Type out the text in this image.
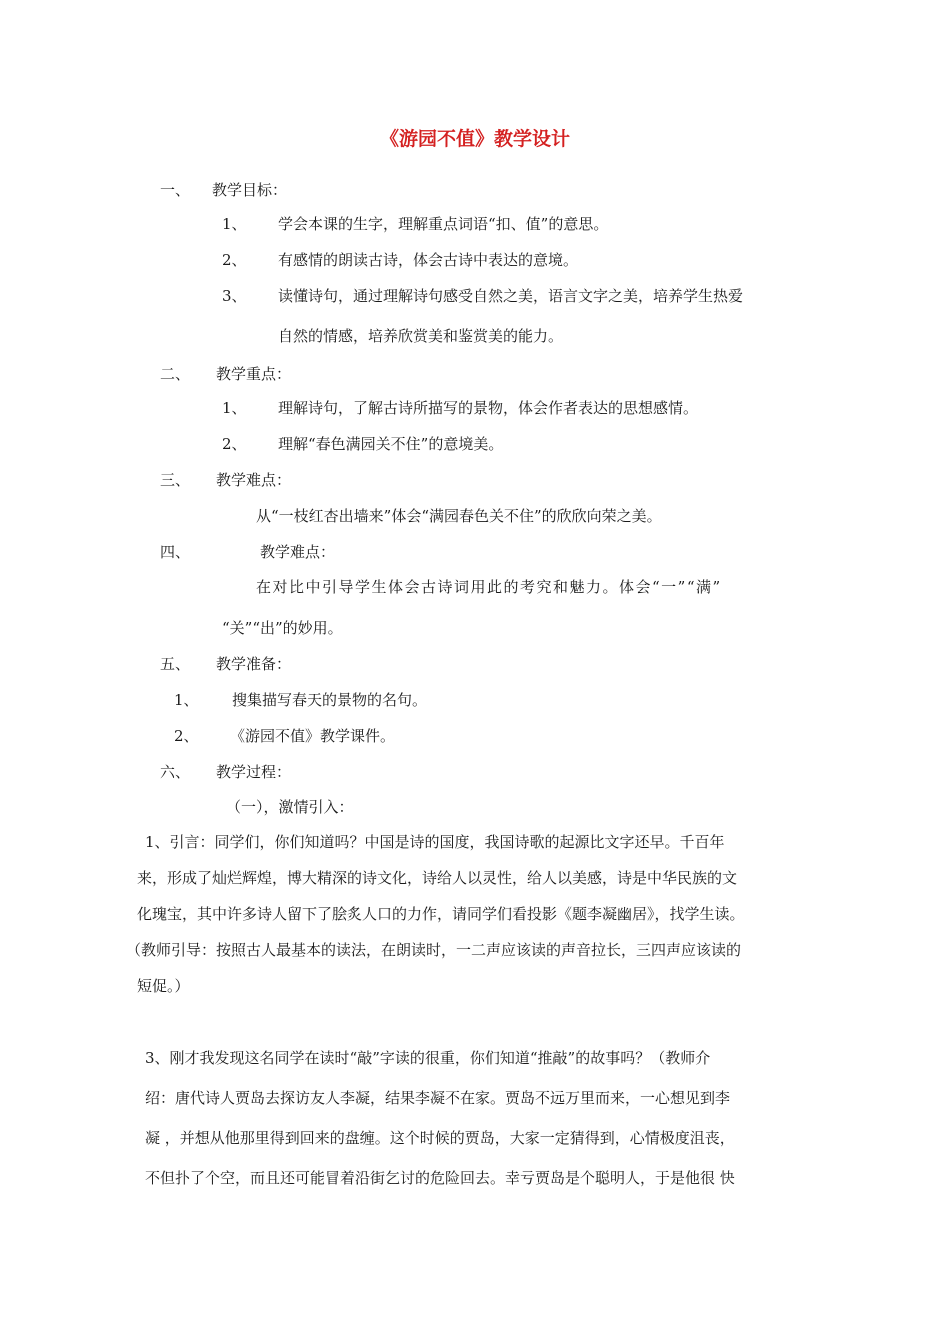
《游园不值》教学设计
一、 教学目标：
1、 学会本课的生字，理解重点词语“扣、值”的意思。
2、 有感情的朗读古诗，体会古诗中表达的意境。
3、 读懂诗句，通过理解诗句感受自然之美，语言文字之美，培养学生热爱
自然的情感，培养欣赏美和鉴赏美的能力。
二、 教学重点：
1、 理解诗句，了解古诗所描写的景物，体会作者表达的思想感情。
2、 理解“春色满园关不住”的意境美。
三、 教学难点：
从“一枝红杏出墙来”体会“满园春色关不住”的欣欣向荣之美。
四、	教学难点：
在对比中引导学生体会古诗词用此的考究和魅力。体会“一”“满”
“关”“出”的妙用。
五、 教学准备：
1、 搜集描写春天的景物的名句。
2、 《游园不值》教学课件。
六、 教学过程：
（一），激情引入：
1、引言：同学们，你们知道吗？中国是诗的国度，我国诗歌的起源比文字还早。千百年
来，形成了灿烂辉煌，博大精深的诗文化，诗给人以灵性，给人以美感，诗是中华民族的文
化瑰宝，其中许多诗人留下了脍炙人口的力作，请同学们看投影《题李凝幽居》，找学生读。
（教师引导：按照古人最基本的读法，在朗读时，一二声应该读的声音拉长，三四声应该读的
短促。）
3、刚才我发现这名同学在读时“敲”字读的很重，你们知道“推敲”的故事吗？（教师介
绍：唐代诗人贾岛去探访友人李凝，结果李凝不在家。贾岛不远万里而来，一心想见到李
凝 ，并想从他那里得到回来的盘缠。这个时候的贾岛，大家一定猜得到，心情极度沮丧，
不但扑了个空，而且还可能冒着沿街乞讨的危险回去。幸亏贾岛是个聪明人，于是他很 快
